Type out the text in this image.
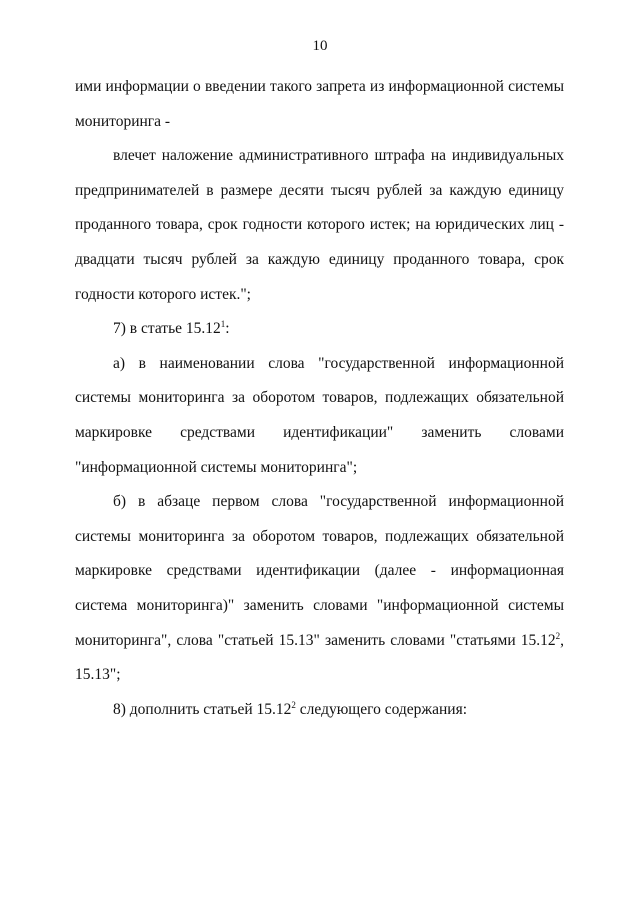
10

ими информации о введении такого запрета из информационной системы мониторинга -

влечет наложение административного штрафа на индивидуальных предпринимателей в размере десяти тысяч рублей за каждую единицу проданного товара, срок годности которого истек; на юридических лиц - двадцати тысяч рублей за каждую единицу проданного товара, срок годности которого истек.";

7) в статье 15.12$^1$:

а) в наименовании слова "государственной информационной системы мониторинга за оборотом товаров, подлежащих обязательной маркировке средствами идентификации" заменить словами "информационной системы мониторинга";

б) в абзаце первом слова "государственной информационной системы мониторинга за оборотом товаров, подлежащих обязательной маркировке средствами идентификации (далее - информационная система мониторинга)" заменить словами "информационной системы мониторинга", слова "статьей 15.13" заменить словами "статьями 15.12$^2$, 15.13";

8) дополнить статьей 15.12$^2$ следующего содержания:
